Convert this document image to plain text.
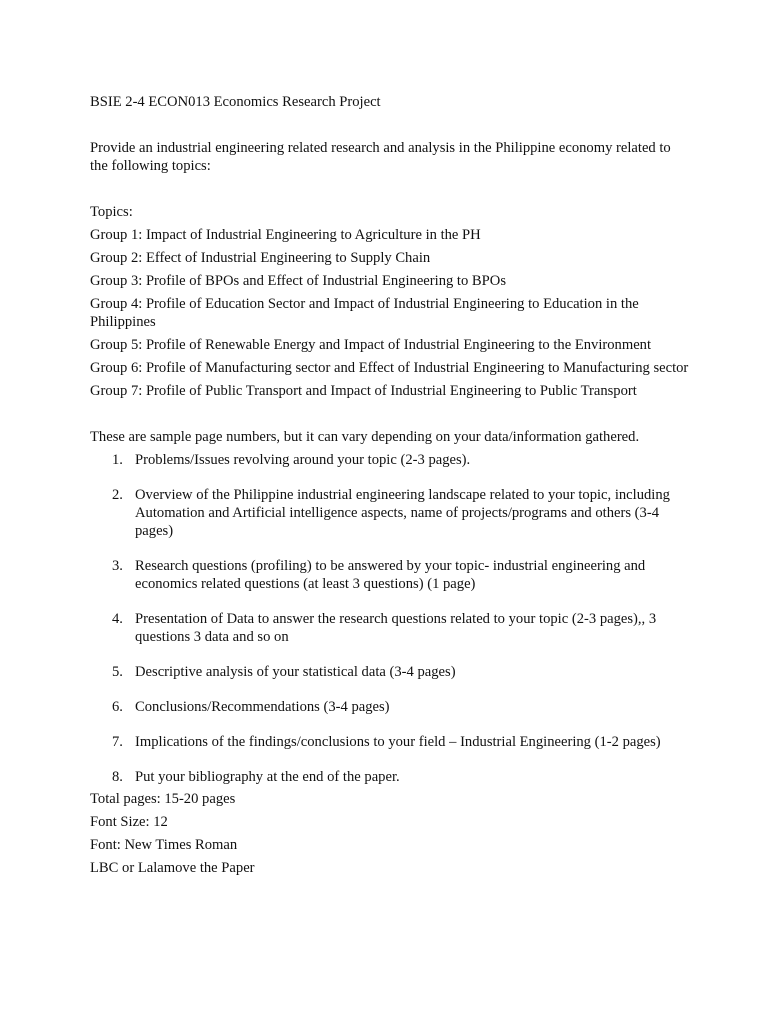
BSIE 2-4 ECON013 Economics Research Project
Provide an industrial engineering related research and analysis in the Philippine economy related to the following topics:
Topics:
Group 1: Impact of Industrial Engineering to Agriculture in the PH
Group 2: Effect of Industrial Engineering to Supply Chain
Group 3: Profile of BPOs and Effect of Industrial Engineering to BPOs
Group 4: Profile of Education Sector and Impact of Industrial Engineering to Education in the Philippines
Group 5: Profile of Renewable Energy and Impact of Industrial Engineering to the Environment
Group 6: Profile of Manufacturing sector and Effect of Industrial Engineering to Manufacturing sector
Group 7: Profile of Public Transport and Impact of Industrial Engineering to Public Transport
These are sample page numbers, but it can vary depending on your data/information gathered.
1. Problems/Issues revolving around your topic (2-3 pages).
2. Overview of the Philippine industrial engineering landscape related to your topic, including Automation and Artificial intelligence aspects, name of projects/programs and others (3-4 pages)
3. Research questions (profiling) to be answered by your topic- industrial engineering and economics related questions (at least 3 questions) (1 page)
4. Presentation of Data to answer the research questions related to your topic (2-3 pages),, 3 questions 3 data and so on
5. Descriptive analysis of your statistical data (3-4 pages)
6. Conclusions/Recommendations (3-4 pages)
7. Implications of the findings/conclusions to your field – Industrial Engineering (1-2 pages)
8. Put your bibliography at the end of the paper.
Total pages: 15-20 pages
Font Size: 12
Font: New Times Roman
LBC or Lalamove the Paper
